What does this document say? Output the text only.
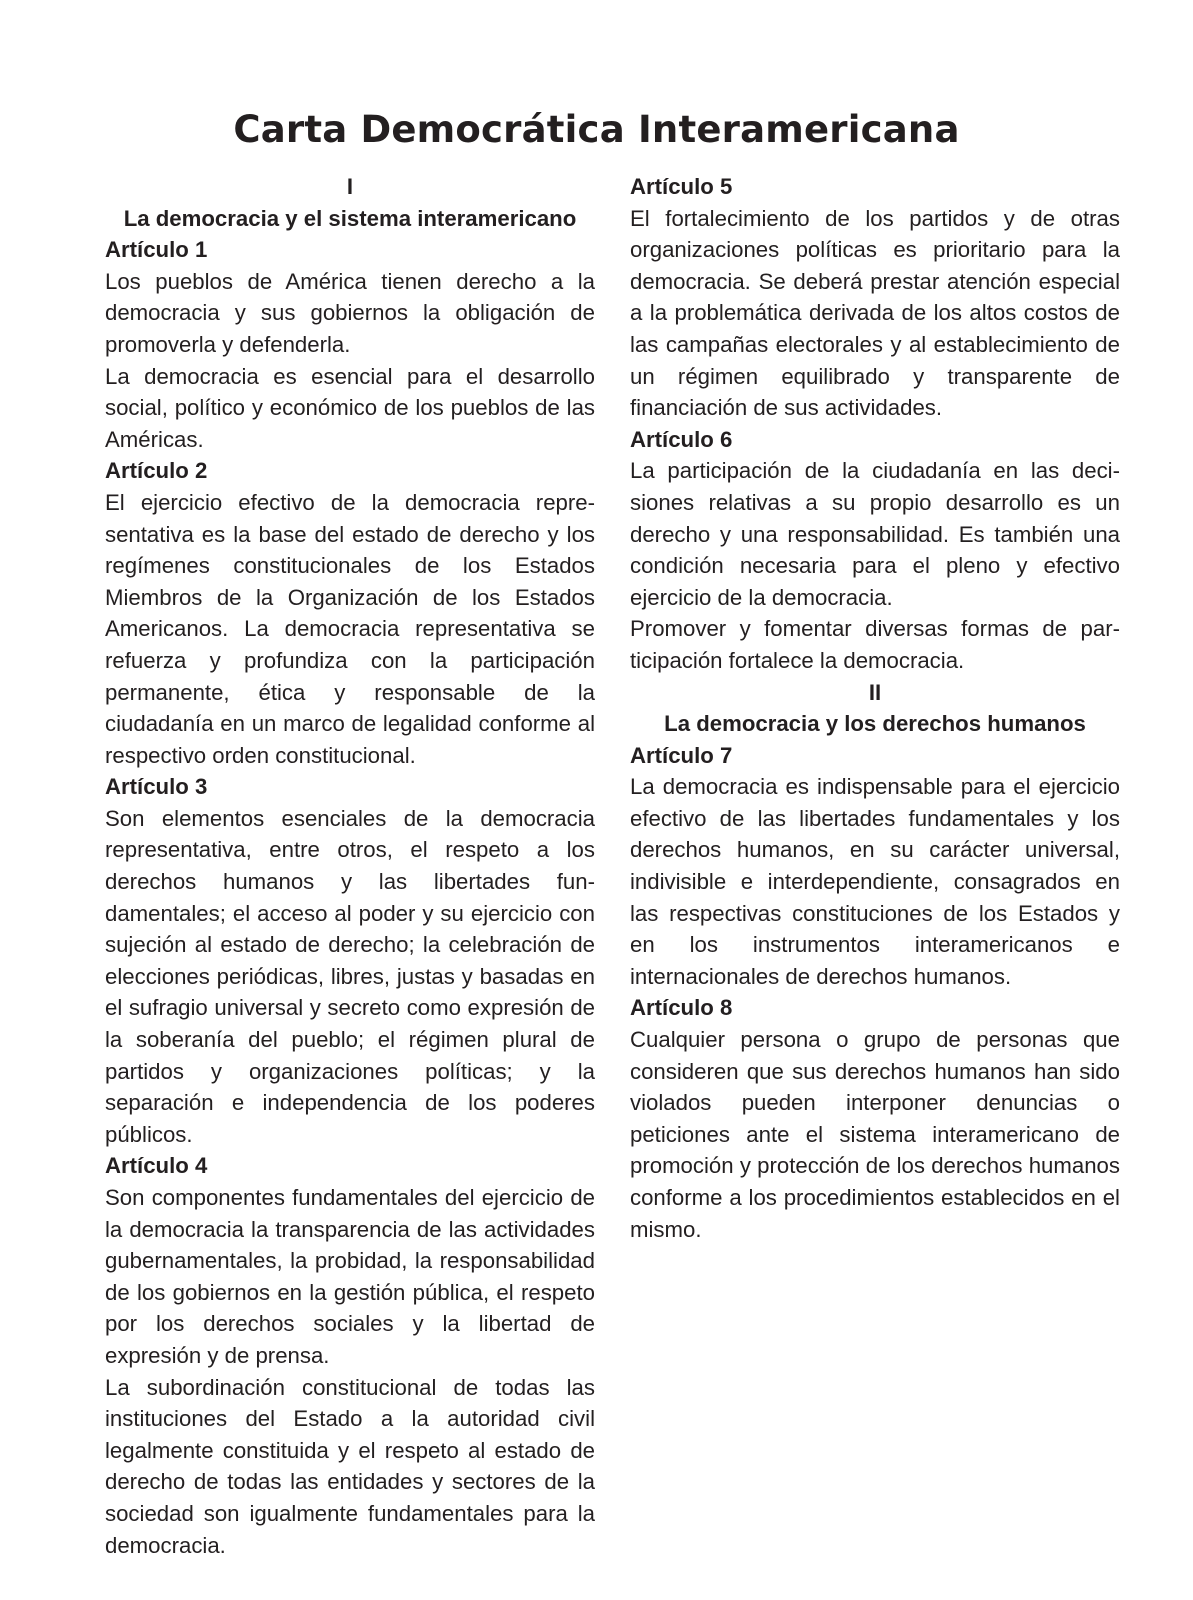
Carta Democrática Interamericana
I
La democracia y el sistema interamericano
Artículo 1

Los pueblos de América tienen derecho a la democracia y sus gobiernos la obligación de promoverla y defenderla.

La democracia es esencial para el desarrollo social, político y económico de los pueblos de las Américas.

Artículo 2

El ejercicio efectivo de la democracia representativa es la base del estado de derecho y los regímenes constitucionales de los Estados Miembros de la Organización de los Estados Americanos. La democracia representativa se refuerza y profundiza con la participación permanente, ética y responsable de la ciudadanía en un marco de legalidad conforme al respectivo orden constitucional.

Artículo 3

Son elementos esenciales de la democracia representativa, entre otros, el respeto a los derechos humanos y las libertades fundamentales; el acceso al poder y su ejercicio con sujeción al estado de derecho; la celebración de elecciones periódicas, libres, justas y basadas en el sufragio universal y secreto como expresión de la soberanía del pueblo; el régimen plural de partidos y organizaciones políticas; y la separación e independencia de los poderes públicos.

Artículo 4

Son componentes fundamentales del ejercicio de la democracia la transparencia de las actividades gubernamentales, la probidad, la responsabilidad de los gobiernos en la gestión pública, el respeto por los derechos sociales y la libertad de expresión y de prensa.

La subordinación constitucional de todas las instituciones del Estado a la autoridad civil legalmente constituida y el respeto al estado de derecho de todas las entidades y sectores de la sociedad son igualmente fundamentales para la democracia.

Artículo 5

El fortalecimiento de los partidos y de otras organizaciones políticas es prioritario para la democracia. Se deberá prestar atención especial a la problemática derivada de los altos costos de las campañas electorales y al establecimiento de un régimen equilibrado y transparente de financiación de sus actividades.

Artículo 6

La participación de la ciudadanía en las decisiones relativas a su propio desarrollo es un derecho y una responsabilidad. Es también una condición necesaria para el pleno y efectivo ejercicio de la democracia.

Promover y fomentar diversas formas de participación fortalece la democracia.

II
La democracia y los derechos humanos
Artículo 7

La democracia es indispensable para el ejercicio efectivo de las libertades fundamentales y los derechos humanos, en su carácter universal, indivisible e interdependiente, consagrados en las respectivas constituciones de los Estados y en los instrumentos interamericanos e internacionales de derechos humanos.

Artículo 8

Cualquier persona o grupo de personas que consideren que sus derechos humanos han sido violados pueden interponer denuncias o peticiones ante el sistema interamericano de promoción y protección de los derechos humanos conforme a los procedimientos establecidos en el mismo.
